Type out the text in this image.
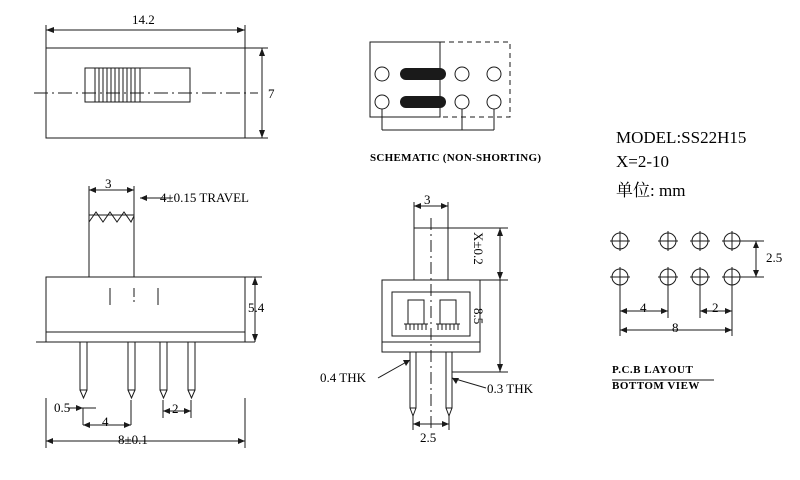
14.2
7
SCHEMATIC (NON-SHORTING)
MODEL:SS22H15
X=2-10
单位: mm
3
4±0.15 TRAVEL
5.4
0.5
4
2
8±0.1
3
X±0.2
8.5
0.4 THK
0.3 THK
2.5
2.5
4	2
8
P.C.B LAYOUT
BOTTOM VIEW
